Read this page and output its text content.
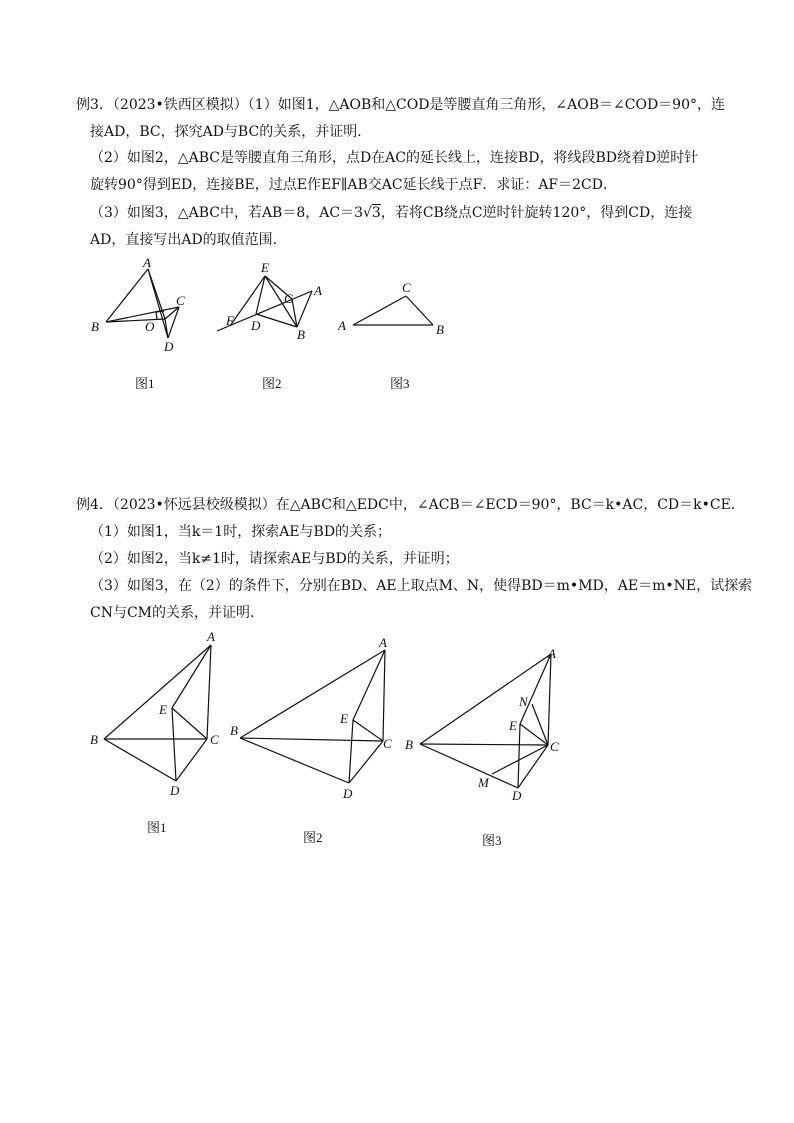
例3．（2023•铁西区模拟）（1）如图1，△AOB和△COD是等腰直角三角形，∠AOB＝∠COD＝90°，连
接AD，BC，探究AD与BC的关系，并证明．
（2）如图2，△ABC是等腰直角三角形，点D在AC的延长线上，连接BD，将线段BD绕着D逆时针
旋转90°得到ED，连接BE，过点E作EF∥AB交AC延长线于点F．求证：AF＝2CD．
（3）如图3，△ABC中，若AB＝8，AC＝3√3，若将CB绕点C逆时针旋转120°，得到CD，连接
AD，直接写出AD的取值范围．
A
B	O
C
D
E
C
A
F D
B
C
A	B
图1	图2	图3
例4．（2023•怀远县校级模拟）在△ABC和△EDC中，∠ACB＝∠ECD＝90°，BC＝k•AC，CD＝k•CE．
（1）如图1，当k＝1时，探索AE与BD的关系；
（2）如图2，当k≠1时，请探索AE与BD的关系，并证明；
（3）如图3，在（2）的条件下，分别在BD、AE上取点M、N，使得BD＝m•MD，AE＝m•NE，试探索
CN与CM的关系，并证明．
A
E
B	C
D
A
E
B
C
D
A
N
E
B	C
M
D
图1
图2	图3
